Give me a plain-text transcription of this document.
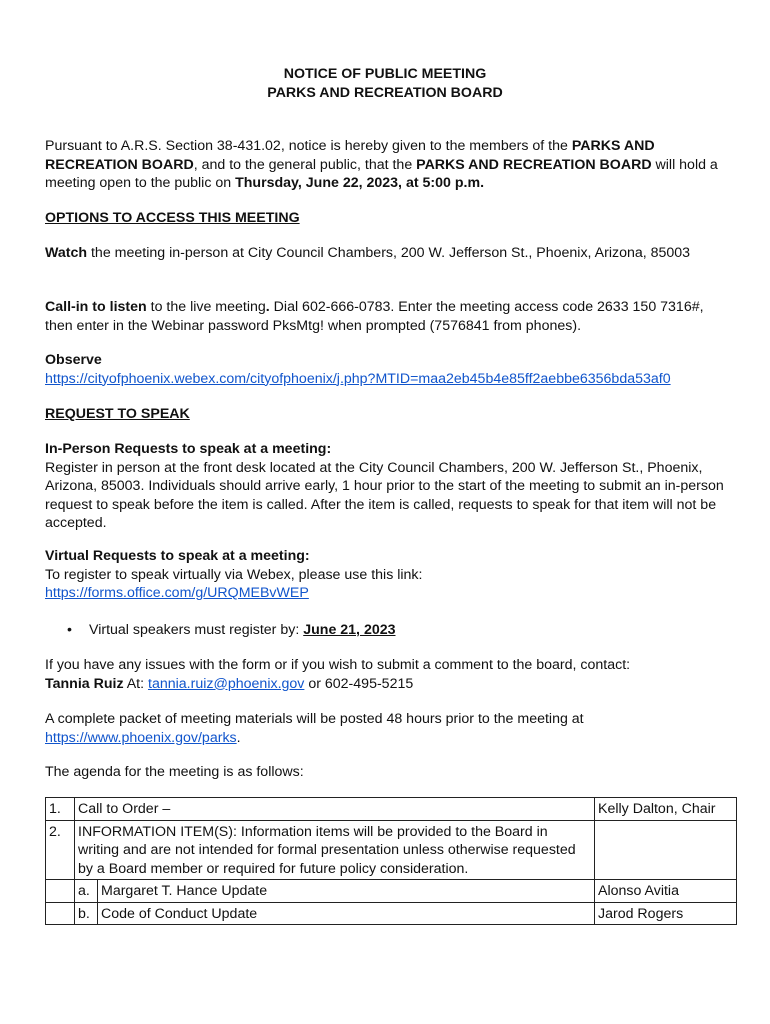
NOTICE OF PUBLIC MEETING
PARKS AND RECREATION BOARD
Pursuant to A.R.S. Section 38-431.02, notice is hereby given to the members of the PARKS AND RECREATION BOARD, and to the general public, that the PARKS AND RECREATION BOARD will hold a meeting open to the public on Thursday, June 22, 2023, at 5:00 p.m.
OPTIONS TO ACCESS THIS MEETING
Watch the meeting in-person at City Council Chambers, 200 W. Jefferson St., Phoenix, Arizona, 85003
Call-in to listen to the live meeting. Dial 602-666-0783. Enter the meeting access code 2633 150 7316#, then enter in the Webinar password PksMtg! when prompted (7576841 from phones).
Observe
https://cityofphoenix.webex.com/cityofphoenix/j.php?MTID=maa2eb45b4e85ff2aebbe6356bda53af0
REQUEST TO SPEAK
In-Person Requests to speak at a meeting:
Register in person at the front desk located at the City Council Chambers, 200 W. Jefferson St., Phoenix, Arizona, 85003. Individuals should arrive early, 1 hour prior to the start of the meeting to submit an in-person request to speak before the item is called. After the item is called, requests to speak for that item will not be accepted.
Virtual Requests to speak at a meeting:
To register to speak virtually via Webex, please use this link:
https://forms.office.com/g/URQMEBvWEP
• Virtual speakers must register by: June 21, 2023
If you have any issues with the form or if you wish to submit a comment to the board, contact:
Tannia Ruiz At: tannia.ruiz@phoenix.gov or 602-495-5215
A complete packet of meeting materials will be posted 48 hours prior to the meeting at
https://www.phoenix.gov/parks.
The agenda for the meeting is as follows:
1.	Call to Order –		Kelly Dalton, Chair
2.	INFORMATION ITEM(S): Information items will be provided to the Board in writing and are not intended for formal presentation unless otherwise requested by a Board member or required for future policy consideration.		
	a.	Margaret T. Hance Update	Alonso Avitia
	b.	Code of Conduct Update	Jarod Rogers
